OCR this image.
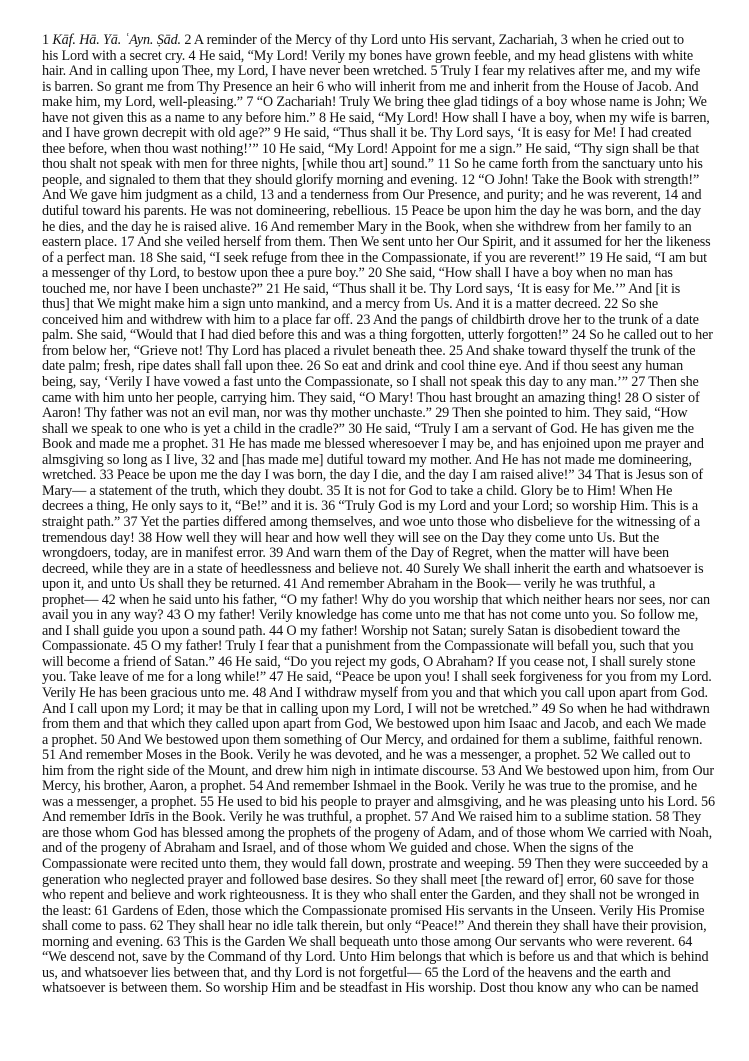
1 Kāf. Hā. Yā. ʿAyn. Ṣād. 2 A reminder of the Mercy of thy Lord unto His servant, Zachariah, 3 when he cried out to
his Lord with a secret cry. 4 He said, “My Lord! Verily my bones have grown feeble, and my head glistens with white
hair. And in calling upon Thee, my Lord, I have never been wretched. 5 Truly I fear my relatives after me, and my wife
is barren. So grant me from Thy Presence an heir 6 who will inherit from me and inherit from the House of Jacob. And
make him, my Lord, well-pleasing.” 7 “O Zachariah! Truly We bring thee glad tidings of a boy whose name is John; We
have not given this as a name to any before him.” 8 He said, “My Lord! How shall I have a boy, when my wife is barren,
and I have grown decrepit with old age?” 9 He said, “Thus shall it be. Thy Lord says, ‘It is easy for Me! I had created
thee before, when thou wast nothing!’” 10 He said, “My Lord! Appoint for me a sign.” He said, “Thy sign shall be that
thou shalt not speak with men for three nights, [while thou art] sound.” 11 So he came forth from the sanctuary unto his
people, and signaled to them that they should glorify morning and evening. 12 “O John! Take the Book with strength!”
And We gave him judgment as a child, 13 and a tenderness from Our Presence, and purity; and he was reverent, 14 and
dutiful toward his parents. He was not domineering, rebellious. 15 Peace be upon him the day he was born, and the day
he dies, and the day he is raised alive. 16 And remember Mary in the Book, when she withdrew from her family to an
eastern place. 17 And she veiled herself from them. Then We sent unto her Our Spirit, and it assumed for her the likeness
of a perfect man. 18 She said, “I seek refuge from thee in the Compassionate, if you are reverent!” 19 He said, “I am but
a messenger of thy Lord, to bestow upon thee a pure boy.” 20 She said, “How shall I have a boy when no man has
touched me, nor have I been unchaste?” 21 He said, “Thus shall it be. Thy Lord says, ‘It is easy for Me.’” And [it is
thus] that We might make him a sign unto mankind, and a mercy from Us. And it is a matter decreed. 22 So she
conceived him and withdrew with him to a place far off. 23 And the pangs of childbirth drove her to the trunk of a date
palm. She said, “Would that I had died before this and was a thing forgotten, utterly forgotten!” 24 So he called out to her
from below her, “Grieve not! Thy Lord has placed a rivulet beneath thee. 25 And shake toward thyself the trunk of the
date palm; fresh, ripe dates shall fall upon thee. 26 So eat and drink and cool thine eye. And if thou seest any human
being, say, ‘Verily I have vowed a fast unto the Compassionate, so I shall not speak this day to any man.’” 27 Then she
came with him unto her people, carrying him. They said, “O Mary! Thou hast brought an amazing thing! 28 O sister of
Aaron! Thy father was not an evil man, nor was thy mother unchaste.” 29 Then she pointed to him. They said, “How
shall we speak to one who is yet a child in the cradle?” 30 He said, “Truly I am a servant of God. He has given me the
Book and made me a prophet. 31 He has made me blessed wheresoever I may be, and has enjoined upon me prayer and
almsgiving so long as I live, 32 and [has made me] dutiful toward my mother. And He has not made me domineering,
wretched. 33 Peace be upon me the day I was born, the day I die, and the day I am raised alive!” 34 That is Jesus son of
Mary— a statement of the truth, which they doubt. 35 It is not for God to take a child. Glory be to Him! When He
decrees a thing, He only says to it, “Be!” and it is. 36 “Truly God is my Lord and your Lord; so worship Him. This is a
straight path.” 37 Yet the parties differed among themselves, and woe unto those who disbelieve for the witnessing of a
tremendous day! 38 How well they will hear and how well they will see on the Day they come unto Us. But the
wrongdoers, today, are in manifest error. 39 And warn them of the Day of Regret, when the matter will have been
decreed, while they are in a state of heedlessness and believe not. 40 Surely We shall inherit the earth and whatsoever is
upon it, and unto Us shall they be returned. 41 And remember Abraham in the Book— verily he was truthful, a
prophet— 42 when he said unto his father, “O my father! Why do you worship that which neither hears nor sees, nor can
avail you in any way? 43 O my father! Verily knowledge has come unto me that has not come unto you. So follow me,
and I shall guide you upon a sound path. 44 O my father! Worship not Satan; surely Satan is disobedient toward the
Compassionate. 45 O my father! Truly I fear that a punishment from the Compassionate will befall you, such that you
will become a friend of Satan.” 46 He said, “Do you reject my gods, O Abraham? If you cease not, I shall surely stone
you. Take leave of me for a long while!” 47 He said, “Peace be upon you! I shall seek forgiveness for you from my Lord.
Verily He has been gracious unto me. 48 And I withdraw myself from you and that which you call upon apart from God.
And I call upon my Lord; it may be that in calling upon my Lord, I will not be wretched.” 49 So when he had withdrawn
from them and that which they called upon apart from God, We bestowed upon him Isaac and Jacob, and each We made
a prophet. 50 And We bestowed upon them something of Our Mercy, and ordained for them a sublime, faithful renown.
51 And remember Moses in the Book. Verily he was devoted, and he was a messenger, a prophet. 52 We called out to
him from the right side of the Mount, and drew him nigh in intimate discourse. 53 And We bestowed upon him, from Our
Mercy, his brother, Aaron, a prophet. 54 And remember Ishmael in the Book. Verily he was true to the promise, and he
was a messenger, a prophet. 55 He used to bid his people to prayer and almsgiving, and he was pleasing unto his Lord. 56
And remember Idrīs in the Book. Verily he was truthful, a prophet. 57 And We raised him to a sublime station. 58 They
are those whom God has blessed among the prophets of the progeny of Adam, and of those whom We carried with Noah,
and of the progeny of Abraham and Israel, and of those whom We guided and chose. When the signs of the
Compassionate were recited unto them, they would fall down, prostrate and weeping. 59 Then they were succeeded by a
generation who neglected prayer and followed base desires. So they shall meet [the reward of] error, 60 save for those
who repent and believe and work righteousness. It is they who shall enter the Garden, and they shall not be wronged in
the least: 61 Gardens of Eden, those which the Compassionate promised His servants in the Unseen. Verily His Promise
shall come to pass. 62 They shall hear no idle talk therein, but only “Peace!” And therein they shall have their provision,
morning and evening. 63 This is the Garden We shall bequeath unto those among Our servants who were reverent. 64
“We descend not, save by the Command of thy Lord. Unto Him belongs that which is before us and that which is behind
us, and whatsoever lies between that, and thy Lord is not forgetful— 65 the Lord of the heavens and the earth and
whatsoever is between them. So worship Him and be steadfast in His worship. Dost thou know any who can be named
